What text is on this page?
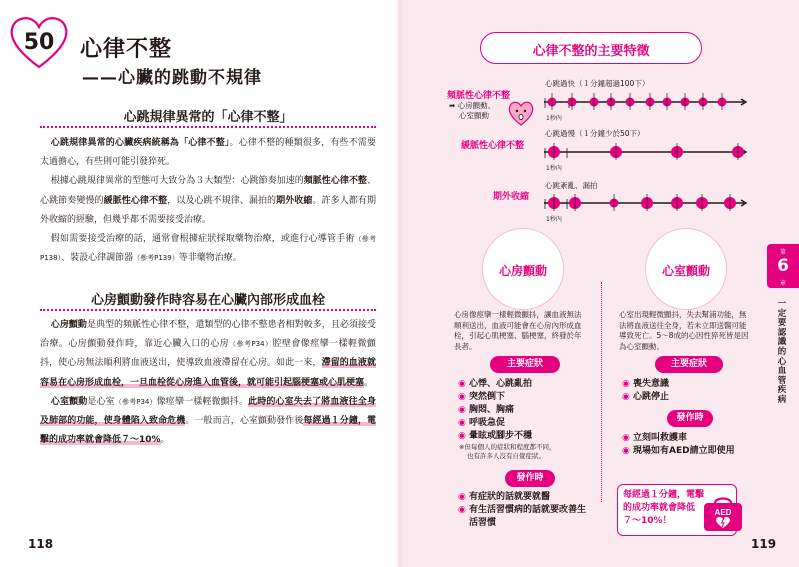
50	心律不整
——心臟的跳動不規律
心跳規律異常的「心律不整」

心跳規律異常的心臟疾病統稱為「心律不整」。心律不整的種類很多，有些不需要太過擔心，有些則可能引發猝死。

根據心跳規律異常的型態可大致分為３大類型：心跳節奏加速的頻脈性心律不整、心跳節奏變慢的緩脈性心律不整，以及心跳不規律、漏拍的期外收縮。許多人都有期外收縮的經驗，但幾乎都不需要接受治療。

假如需要接受治療的話，通常會根據症狀採取藥物治療，或進行心導管手術（參考P138）、裝設心律調節器（參考P139）等非藥物治療。

心房顫動發作時容易在心臟內部形成血栓

心房顫動是典型的頻脈性心律不整，還類型的心律不整患者相對較多，且必須接受治療。心房顫動發作時，靠近心臟入口的心房（參考P34）腔壁會像痙攣一樣輕微顫抖，使心房無法順利將血液送出，使導致血液滯留在心房。如此一來，滯留的血液就容易在心房形成血栓，一旦血栓從心房進入血管後，就可能引起腦梗塞或心肌梗塞。

心室顫動是心室（參考P34）像痙攣一樣輕微顫抖。此時的心室失去了將血液往全身及肺部的功能，使身體陷入致命危機。一般而言，心室顫動發作後每經過１分鐘，電擊的成功率就會降低７〜10%。

118
心律不整的主要特徵
頻脈性心律不整
➡ 心房顫動、
心室顫動
心跳過快（１分鐘超過100下）
1秒內
緩脈性心律不整
心跳過慢（１分鐘少於50下）
1秒內
期外收縮
心跳紊亂、漏拍
1秒內
心房顫動	心室顫動
心房像痙攣一樣輕微顫抖，讓血液無法順利送出，血液可能會在心房內形成血栓，引起心肌梗塞、腦梗塞，終發於年長者。
主要症狀
◉ 心悸、心跳亂拍
◉ 突然倒下
◉ 胸悶、胸痛
◉ 呼吸急促
◉ 暈眩或腳步不穩
※但每個人的症狀和程度都不同，
也有許多人沒有自覺症狀。
發作時
◉ 有症狀的話就要就醫
◉ 有生活習慣病的話就要改善生活習慣
心室出現輕微顫抖，失去幫浦功能，無法將血液送往全身，若未立即送醫可能導致死亡。5〜8成的心因性猝死皆是因為心室顫動。
主要症狀
◉ 喪失意識
◉ 心跳停止
發作時
◉ 立刻叫救護車
◉ 現場如有AED請立即使用
每經過１分鐘，電擊的成功率就會降低７〜10%！
AED
第
6
章
一定要認識的心血管疾病
119
